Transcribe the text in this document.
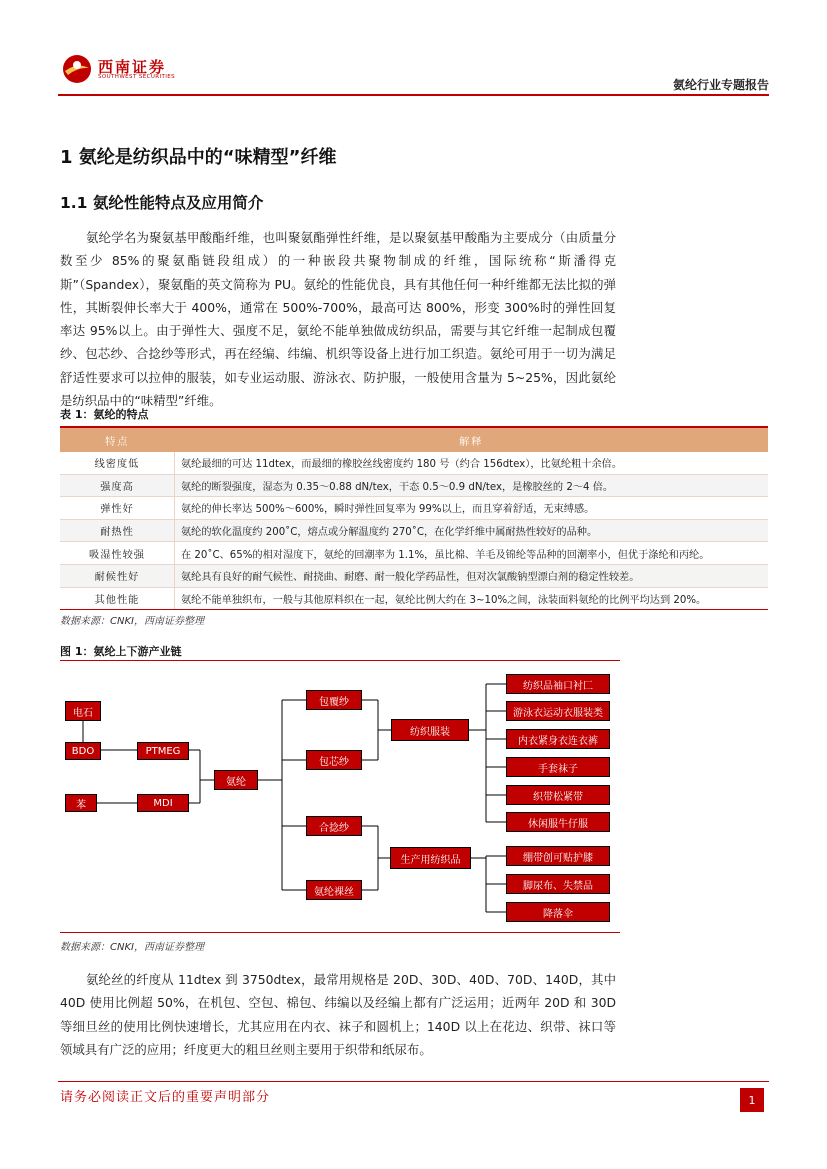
西南证券
SOUTHWEST SECURITIES
氨纶行业专题报告
1 氨纶是纺织品中的“味精型”纤维
1.1 氨纶性能特点及应用简介
氨纶学名为聚氨基甲酸酯纤维，也叫聚氨酯弹性纤维，是以聚氨基甲酸酯为主要成分（由质量分数至少 85%的聚氨酯链段组成）的一种嵌段共聚物制成的纤维，国际统称“斯潘得克斯”（Spandex），聚氨酯的英文简称为 PU。氨纶的性能优良，具有其他任何一种纤维都无法比拟的弹性，其断裂伸长率大于 400%，通常在 500%-700%，最高可达 800%，形变 300%时的弹性回复率达 95%以上。由于弹性大、强度不足，氨纶不能单独做成纺织品，需要与其它纤维一起制成包覆纱、包芯纱、合捻纱等形式，再在经编、纬编、机织等设备上进行加工织造。氨纶可用于一切为满足舒适性要求可以拉伸的服装，如专业运动服、游泳衣、防护服，一般使用含量为 5~25%，因此氨纶是纺织品中的“味精型”纤维。
表 1：氨纶的特点
特点	解释
线密度低	氨纶最细的可达 11dtex，而最细的橡胶丝线密度约 180 号（约合 156dtex），比氨纶粗十余倍。
强度高	氨纶的断裂强度，湿态为 0.35～0.88 dN/tex，干态 0.5～0.9 dN/tex，是橡胶丝的 2～4 倍。
弹性好	氨纶的伸长率达 500%～600%，瞬时弹性回复率为 99%以上，而且穿着舒适，无束缚感。
耐热性	氨纶的软化温度约 200˚C，熔点或分解温度约 270˚C，在化学纤维中属耐热性较好的品种。
吸湿性较强	在 20˚C、65%的相对湿度下，氨纶的回潮率为 1.1%，虽比棉、羊毛及锦纶等品种的回潮率小，但优于涤纶和丙纶。
耐候性好	氨纶具有良好的耐气候性、耐挠曲、耐磨、耐一般化学药品性，但对次氯酸钠型漂白剂的稳定性较差。
其他性能	氨纶不能单独织布，一般与其他原料织在一起，氨纶比例大约在 3~10%之间，泳装面料氨纶的比例平均达到 20%。
数据来源：CNKI，西南证券整理
图 1：氨纶上下游产业链
电石
BDO	PTMEG
苯	MDI
氨纶
包覆纱
包芯纱
合捻纱
氨纶裸丝
纺织服装
生产用纺织品
纺织品袖口衬匚
游泳衣运动衣服装类
内衣紧身衣连衣裤
手套袜子
织带松紧带
休闲服牛仔服
绷带创可贴护膝
脚尿布、失禁品
降落伞
数据来源：CNKI，西南证券整理
氨纶丝的纤度从 11dtex 到 3750dtex，最常用规格是 20D、30D、40D、70D、140D，其中 40D 使用比例超 50%，在机包、空包、棉包、纬编以及经编上都有广泛运用；近两年 20D 和 30D 等细旦丝的使用比例快速增长，尤其应用在内衣、袜子和圆机上；140D 以上在花边、织带、袜口等领域具有广泛的应用；纤度更大的粗旦丝则主要用于织带和纸尿布。
请务必阅读正文后的重要声明部分	1
